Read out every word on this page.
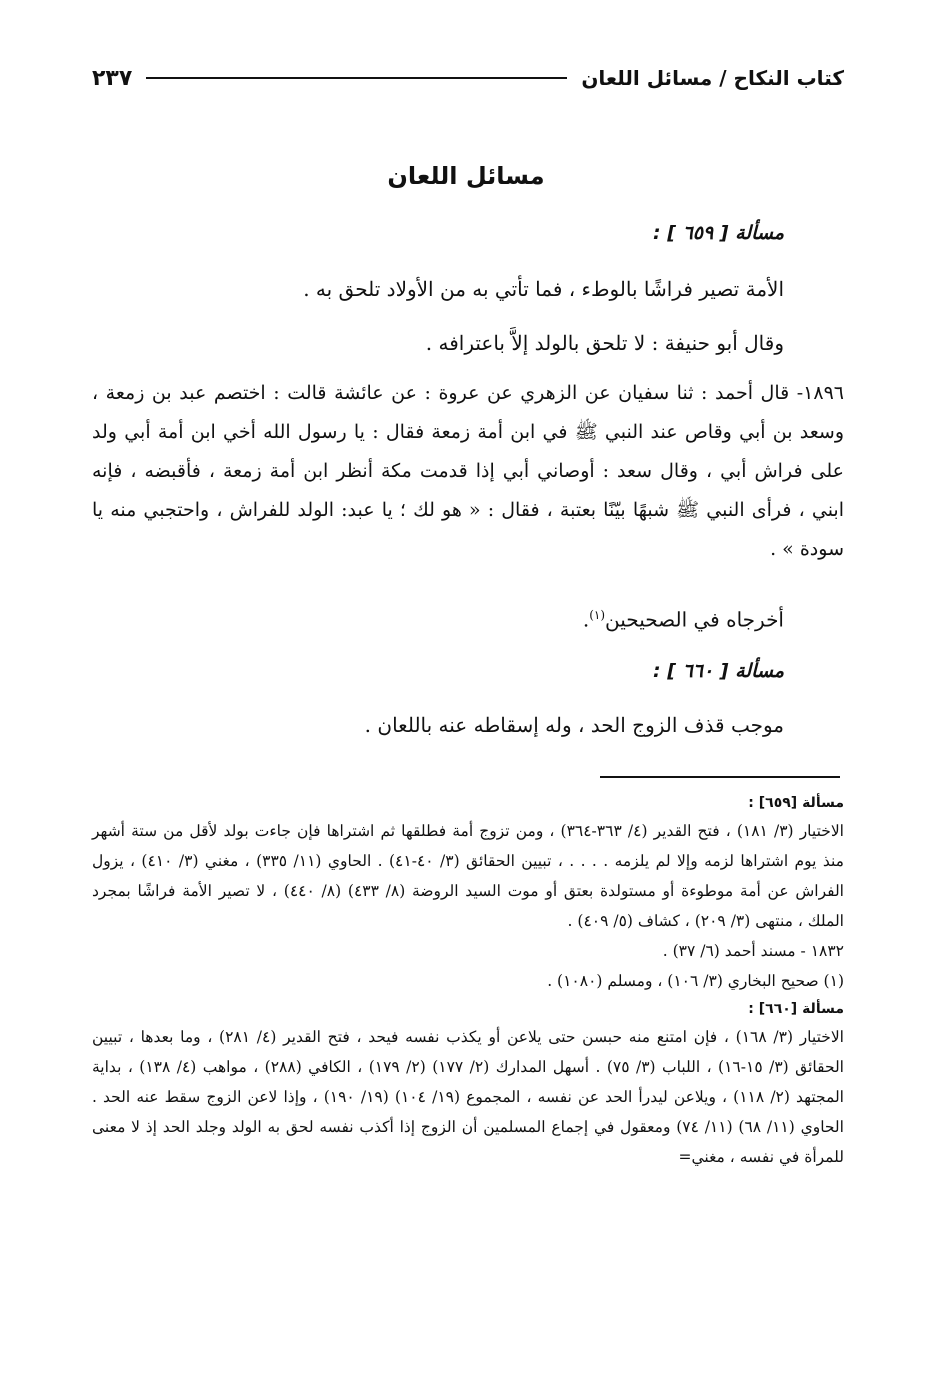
كتاب النكاح / مسائل اللعان
٢٣٧
مسائل اللعان

مسألة [ ٦٥٩ ] :

الأمة تصير فراشًا بالوطء ، فما تأتي به من الأولاد تلحق به .

وقال أبو حنيفة : لا تلحق بالولد إلاَّ باعترافه .

١٨٩٦- قال أحمد : ثنا سفيان عن الزهري عن عروة : عن عائشة قالت : اختصم عبد بن زمعة ، وسعد بن أبي وقاص عند النبي ﷺ في ابن أمة زمعة فقال : يا رسول الله أخي ابن أمة أبي ولد على فراش أبي ، وقال سعد : أوصاني أبي إذا قدمت مكة أنظر ابن أمة زمعة ، فأقبضه ، فإنه ابني ، فرأى النبي ﷺ شبهًا بيّنًا بعتبة ، فقال : « هو لك ؛ يا عبد: الولد للفراش ، واحتجبي منه يا سودة » .

أخرجاه في الصحيحين$^{(١)}$.

مسألة [ ٦٦٠ ] :

موجب قذف الزوج الحد ، وله إسقاطه عنه باللعان .

مسألة [٦٥٩] :

الاختيار (٣/ ١٨١) ، فتح القدير (٤/ ٣٦٣-٣٦٤) ، ومن تزوج أمة فطلقها ثم اشتراها فإن جاءت بولد لأقل من ستة أشهر منذ يوم اشتراها لزمه وإلا لم يلزمه . . . . ، تبيين الحقائق (٣/ ٤٠-٤١) . الحاوي (١١/ ٣٣٥) ، مغني (٣/ ٤١٠) ، يزول الفراش عن أمة موطوءة أو مستولدة بعتق أو موت السيد الروضة (٨/ ٤٣٣) (٨/ ٤٤٠) ، لا تصير الأمة فراشًا بمجرد الملك ، منتهى (٣/ ٢٠٩) ، كشاف (٥/ ٤٠٩) .

١٨٣٢ - مسند أحمد (٦/ ٣٧) .

(١) صحيح البخاري (٣/ ١٠٦) ، ومسلم (١٠٨٠) .

مسألة [٦٦٠] :

الاختيار (٣/ ١٦٨) ، فإن امتنع منه حبسن حتى يلاعن أو يكذب نفسه فيحد ، فتح القدير (٤/ ٢٨١) ، وما بعدها ، تبيين الحقائق (٣/ ١٥-١٦) ، اللباب (٣/ ٧٥) . أسهل المدارك (٢/ ١٧٧) (٢/ ١٧٩) ، الكافي (٢٨٨) ، مواهب (٤/ ١٣٨) ، بداية المجتهد (٢/ ١١٨) ، ويلاعن ليدرأ الحد عن نفسه ، المجموع (١٩/ ١٠٤) (١٩/ ١٩٠) ، وإذا لاعن الزوج سقط عنه الحد . الحاوي (١١/ ٦٨) (١١/ ٧٤) ومعقول في إجماع المسلمين أن الزوج إذا أكذب نفسه لحق به الولد وجلد الحد إذ لا معنى للمرأة في نفسه ، مغني=
